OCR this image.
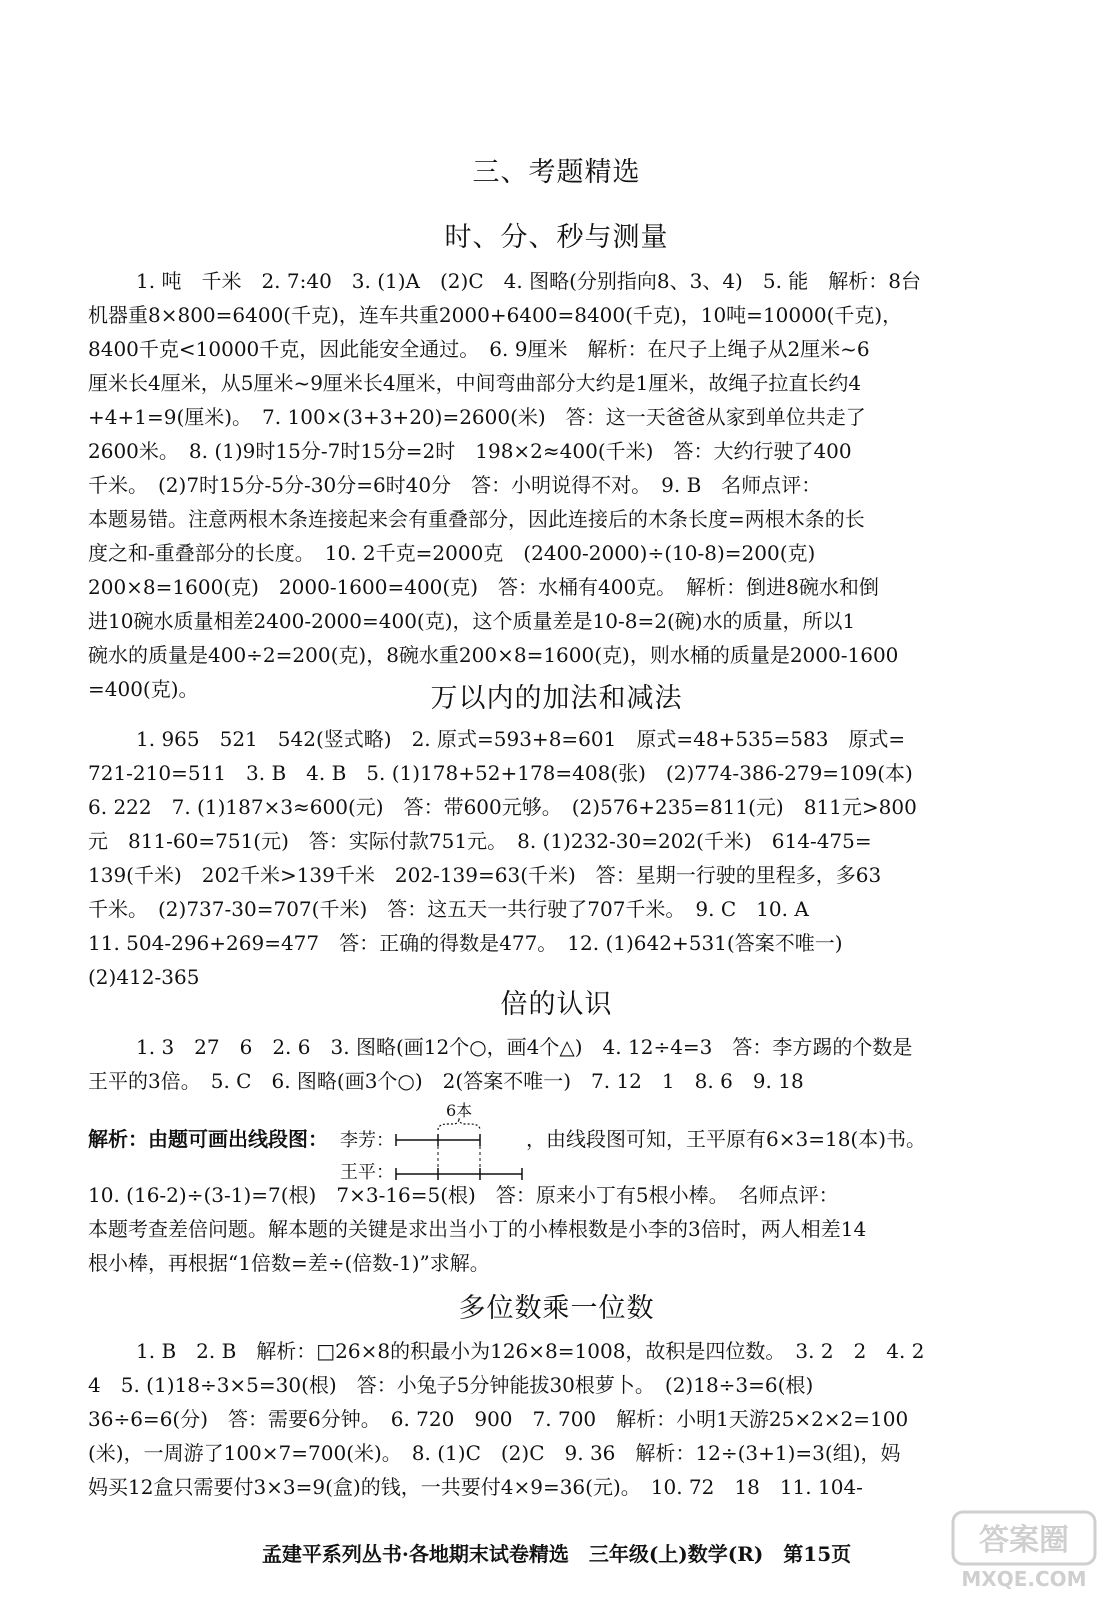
三、考题精选
时、分、秒与测量
1. 吨　千米　2. 7:40　3. (1)A　(2)C　4. 图略(分别指向8、3、4)　5. 能　解析：8台
机器重8×800=6400(千克)，连车共重2000+6400=8400(千克)，10吨=10000(千克)，
8400千克<10000千克，因此能安全通过。　6. 9厘米　解析：在尺子上绳子从2厘米~6
厘米长4厘米，从5厘米~9厘米长4厘米，中间弯曲部分大约是1厘米，故绳子拉直长约4
+4+1=9(厘米)。　7. 100×(3+3+20)=2600(米)　答：这一天爸爸从家到单位共走了
2600米。　8. (1)9时15分-7时15分=2时　198×2≈400(千米)　答：大约行驶了400
千米。　(2)7时15分-5分-30分=6时40分　答：小明说得不对。　9. B　名师点评：
本题易错。注意两根木条连接起来会有重叠部分，因此连接后的木条长度=两根木条的长
度之和-重叠部分的长度。　10. 2千克=2000克　(2400-2000)÷(10-8)=200(克)
200×8=1600(克)　2000-1600=400(克)　答：水桶有400克。　解析：倒进8碗水和倒
进10碗水质量相差2400-2000=400(克)，这个质量差是10-8=2(碗)水的质量，所以1
碗水的质量是400÷2=200(克)，8碗水重200×8=1600(克)，则水桶的质量是2000-1600
=400(克)。	万以内的加法和减法
1. 965　521　542(竖式略)　2. 原式=593+8=601　原式=48+535=583　原式=
721-210=511　3. B　4. B　5. (1)178+52+178=408(张)　(2)774-386-279=109(本)
6. 222　7. (1)187×3≈600(元)　答：带600元够。　(2)576+235=811(元)　811元>800
元　811-60=751(元)　答：实际付款751元。　8. (1)232-30=202(千米)　614-475=
139(千米)　202千米>139千米　202-139=63(千米)　答：星期一行驶的里程多，多63
千米。　(2)737-30=707(千米)　答：这五天一共行驶了707千米。　9. C　10. A
11. 504-296+269=477　答：正确的得数是477。　12. (1)642+531(答案不唯一)
(2)412-365
倍的认识
1. 3　27　6　2. 6　3. 图略(画12个○，画4个△)　4. 12÷4=3　答：李方踢的个数是
王平的3倍。　5. C　6. 图略(画3个○)　2(答案不唯一)　7. 12　1　8. 6　9. 18
解析：由题可画出线段图： 李芳：
6本
，由线段图可知，王平原有6×3=18(本)书。
王平：
10. (16-2)÷(3-1)=7(根)　7×3-16=5(根)　答：原来小丁有5根小棒。　名师点评：
本题考查差倍问题。解本题的关键是求出当小丁的小棒根数是小李的3倍时，两人相差14
根小棒，再根据“1倍数=差÷(倍数-1)”求解。
多位数乘一位数
1. B　2. B　解析：□26×8的积最小为126×8=1008，故积是四位数。　3. 2　2　4. 2
4　5. (1)18÷3×5=30(根)　答：小兔子5分钟能拔30根萝卜。　(2)18÷3=6(根)
36÷6=6(分)　答：需要6分钟。　6. 720　900　7. 700　解析：小明1天游25×2×2=100
(米)，一周游了100×7=700(米)。　8. (1)C　(2)C　9. 36　解析：12÷(3+1)=3(组)，妈
妈买12盒只需要付3×3=9(盒)的钱，一共要付4×9=36(元)。　10. 72　18　11. 104-
孟建平系列丛书·各地期末试卷精选　三年级(上)数学(R)　第15页	答案圈
MXQE.COM
